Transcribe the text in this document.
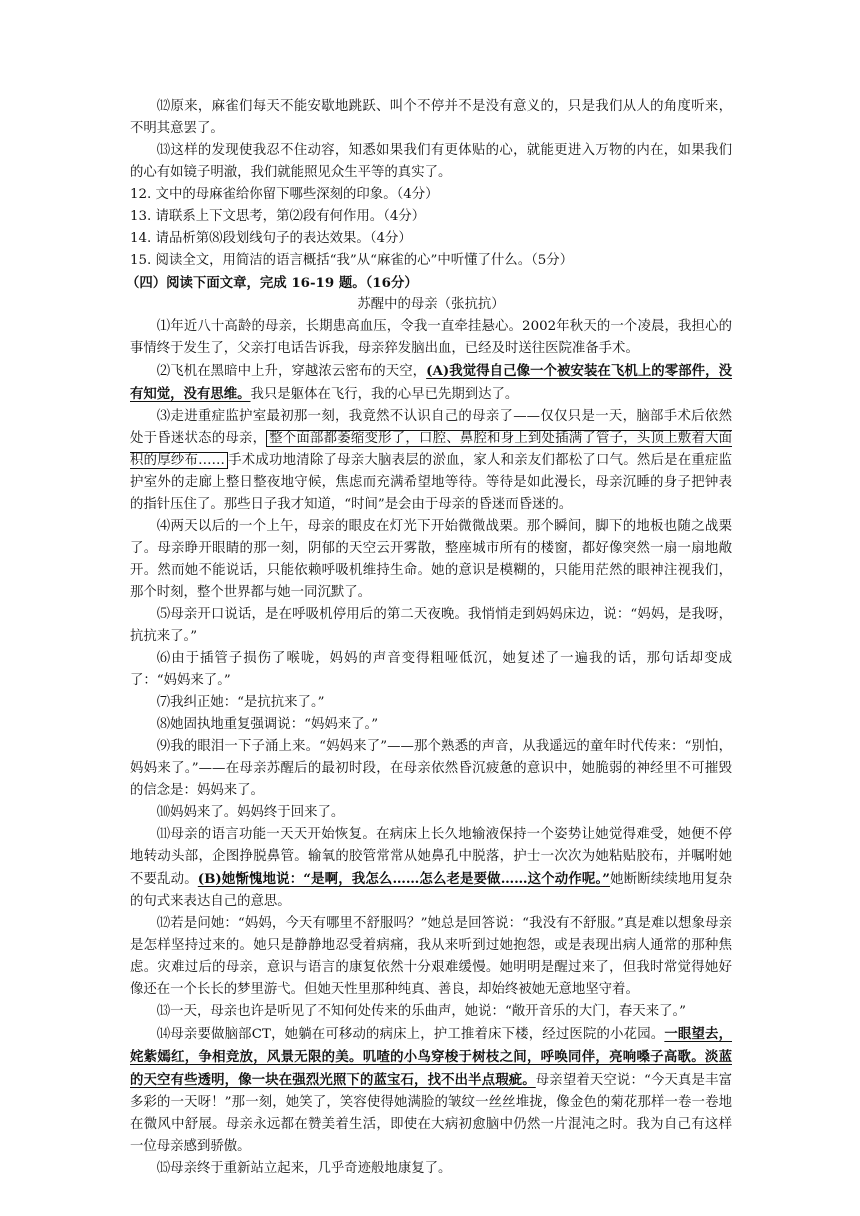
⑿原来，麻雀们每天不能安歇地跳跃、叫个不停并不是没有意义的，只是我们从人的角度听来，不明其意罢了。

⒀这样的发现使我忍不住动容，知悉如果我们有更体贴的心，就能更进入万物的内在，如果我们的心有如镜子明澈，我们就能照见众生平等的真实了。

12. 文中的母麻雀给你留下哪些深刻的印象。（4分）

13. 请联系上下文思考，第⑵段有何作用。（4分）

14. 请品析第⑻段划线句子的表达效果。（4分）

15. 阅读全文，用简洁的语言概括“我”从“麻雀的心”中听懂了什么。（5分）

（四）阅读下面文章，完成 16-19 题。（16分）

苏醒中的母亲（张抗抗）

⑴年近八十高龄的母亲，长期患高血压，令我一直牵挂悬心。2002年秋天的一个凌晨，我担心的事情终于发生了，父亲打电话告诉我，母亲猝发脑出血，已经及时送往医院准备手术。

⑵飞机在黑暗中上升，穿越浓云密布的天空，(A)我觉得自己像一个被安装在飞机上的零部件，没有知觉，没有思维。我只是躯体在飞行，我的心早已先期到达了。

⑶走进重症监护室最初那一刻，我竟然不认识自己的母亲了——仅仅只是一天，脑部手术后依然处于昏迷状态的母亲， 整个面部都萎缩变形了，口腔、鼻腔和身上到处插满了管子，头顶上敷着大面积的厚纱布…… 手术成功地清除了母亲大脑表层的淤血，家人和亲友们都松了口气。然后是在重症监护室外的走廊上整日整夜地守候，焦虑而充满希望地等待。等待是如此漫长，母亲沉睡的身子把钟表的指针压住了。那些日子我才知道，“时间”是会由于母亲的昏迷而昏迷的。

⑷两天以后的一个上午，母亲的眼皮在灯光下开始微微战栗。那个瞬间，脚下的地板也随之战栗了。母亲睁开眼睛的那一刻，阴郁的天空云开雾散，整座城市所有的楼窗，都好像突然一扇一扇地敞开。然而她不能说话，只能依赖呼吸机维持生命。她的意识是模糊的，只能用茫然的眼神注视我们，那个时刻，整个世界都与她一同沉默了。

⑸母亲开口说话，是在呼吸机停用后的第二天夜晚。我悄悄走到妈妈床边，说：“妈妈，是我呀，抗抗来了。”

⑹由于插管子损伤了喉咙，妈妈的声音变得粗哑低沉，她复述了一遍我的话，那句话却变成了：“妈妈来了。”

⑺我纠正她：“是抗抗来了。”

⑻她固执地重复强调说：“妈妈来了。”

⑼我的眼泪一下子涌上来。“妈妈来了”——那个熟悉的声音，从我遥远的童年时代传来：“别怕，妈妈来了。”——在母亲苏醒后的最初时段，在母亲依然昏沉疲惫的意识中，她脆弱的神经里不可摧毁的信念是：妈妈来了。

⑽妈妈来了。妈妈终于回来了。

⑾母亲的语言功能一天天开始恢复。在病床上长久地输液保持一个姿势让她觉得难受，她便不停地转动头部，企图挣脱鼻管。输氧的胶管常常从她鼻孔中脱落，护士一次次为她粘贴胶布，并嘱咐她不要乱动。(B)她惭愧地说：“是啊，我怎么……怎么老是要做……这个动作呢。”她断断续续地用复杂的句式来表达自己的意思。

⑿若是问她：“妈妈，今天有哪里不舒服吗？”她总是回答说：“我没有不舒服。”真是难以想象母亲是怎样坚持过来的。她只是静静地忍受着病痛，我从来听到过她抱怨，或是表现出病人通常的那种焦虑。灾难过后的母亲，意识与语言的康复依然十分艰难缓慢。她明明是醒过来了，但我时常觉得她好像还在一个长长的梦里游弋。但她天性里那种纯真、善良，却始终被她无意地坚守着。

⒀一天，母亲也许是听见了不知何处传来的乐曲声，她说：“敞开音乐的大门，春天来了。”

⒁母亲要做脑部CT，她躺在可移动的病床上，护工推着床下楼，经过医院的小花园。一眼望去，姹紫嫣红，争相竞放，风景无限的美。叽喳的小鸟穿梭于树枝之间，呼唤同伴，亮响嗓子高歌。淡蓝的天空有些透明，像一块在强烈光照下的蓝宝石，找不出半点瑕疵。母亲望着天空说：“今天真是丰富多彩的一天呀！”那一刻，她笑了，笑容使得她满脸的皱纹一丝丝堆拢，像金色的菊花那样一卷一卷地在微风中舒展。母亲永远都在赞美着生活，即使在大病初愈脑中仍然一片混沌之时。我为自己有这样一位母亲感到骄傲。

⒂母亲终于重新站立起来，几乎奇迹般地康复了。
